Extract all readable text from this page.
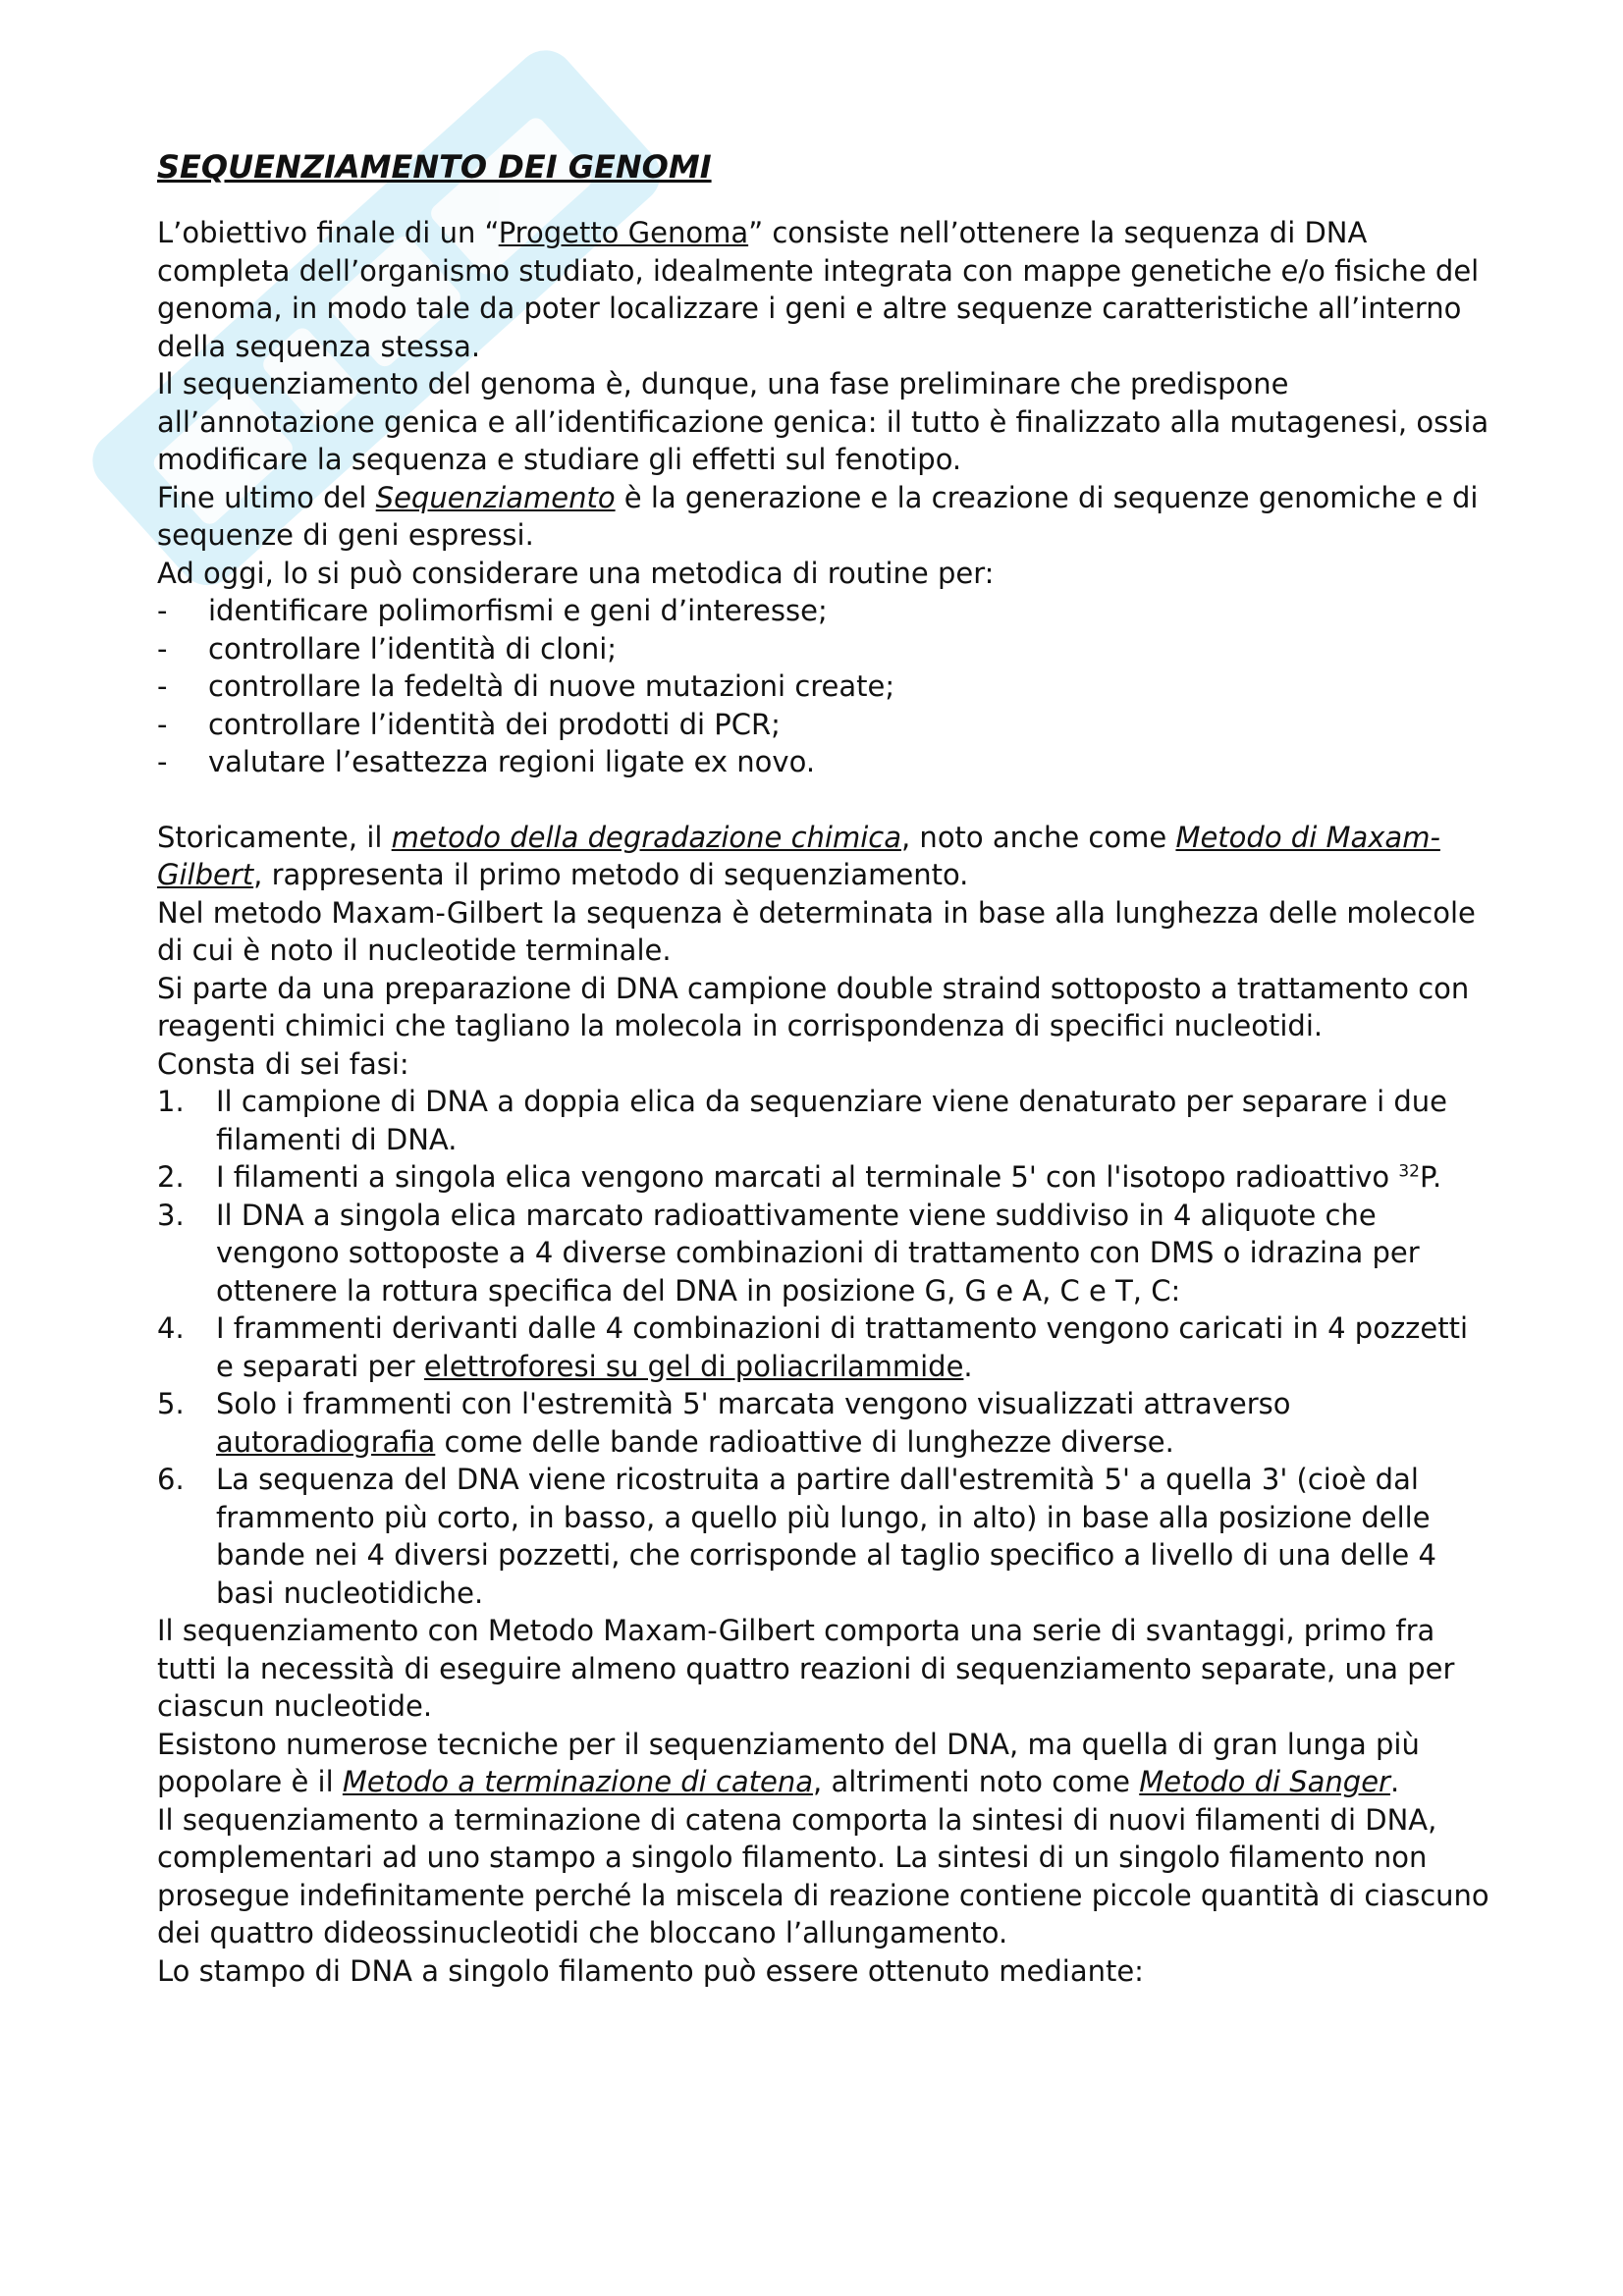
SEQUENZIAMENTO DEI GENOMI

L’obiettivo finale di un “Progetto Genoma” consiste nell’ottenere la sequenza di DNA completa dell’organismo studiato, idealmente integrata con mappe genetiche e/o fisiche del genoma, in modo tale da poter localizzare i geni e altre sequenze caratteristiche all’interno della sequenza stessa.

Il sequenziamento del genoma è, dunque, una fase preliminare che predispone all’annotazione genica e all’identificazione genica: il tutto è finalizzato alla mutagenesi, ossia modificare la sequenza e studiare gli effetti sul fenotipo.

Fine ultimo del Sequenziamento è la generazione e la creazione di sequenze genomiche e di sequenze di geni espressi.

Ad oggi, lo si può considerare una metodica di routine per:

- identificare polimorfismi e geni d’interesse;
- controllare l’identità di cloni;
- controllare la fedeltà di nuove mutazioni create;
- controllare l’identità dei prodotti di PCR;
- valutare l’esattezza regioni ligate ex novo.

Storicamente, il metodo della degradazione chimica, noto anche come Metodo di Maxam-Gilbert, rappresenta il primo metodo di sequenziamento.

Nel metodo Maxam-Gilbert la sequenza è determinata in base alla lunghezza delle molecole di cui è noto il nucleotide terminale.

Si parte da una preparazione di DNA campione double straind sottoposto a trattamento con reagenti chimici che tagliano la molecola in corrispondenza di specifici nucleotidi.

Consta di sei fasi:

1. Il campione di DNA a doppia elica da sequenziare viene denaturato per separare i due filamenti di DNA.
2. I filamenti a singola elica vengono marcati al terminale 5' con l'isotopo radioattivo $^{32}$P.
3. Il DNA a singola elica marcato radioattivamente viene suddiviso in 4 aliquote che vengono sottoposte a 4 diverse combinazioni di trattamento con DMS o idrazina per ottenere la rottura specifica del DNA in posizione G, G e A, C e T, C:
4. I frammenti derivanti dalle 4 combinazioni di trattamento vengono caricati in 4 pozzetti e separati per elettroforesi su gel di poliacrilammide.
5. Solo i frammenti con l'estremità 5' marcata vengono visualizzati attraverso autoradiografia come delle bande radioattive di lunghezze diverse.
6. La sequenza del DNA viene ricostruita a partire dall'estremità 5' a quella 3' (cioè dal frammento più corto, in basso, a quello più lungo, in alto) in base alla posizione delle bande nei 4 diversi pozzetti, che corrisponde al taglio specifico a livello di una delle 4 basi nucleotidiche.

Il sequenziamento con Metodo Maxam-Gilbert comporta una serie di svantaggi, primo fra tutti la necessità di eseguire almeno quattro reazioni di sequenziamento separate, una per ciascun nucleotide.

Esistono numerose tecniche per il sequenziamento del DNA, ma quella di gran lunga più popolare è il Metodo a terminazione di catena, altrimenti noto come Metodo di Sanger.

Il sequenziamento a terminazione di catena comporta la sintesi di nuovi filamenti di DNA, complementari ad uno stampo a singolo filamento. La sintesi di un singolo filamento non prosegue indefinitamente perché la miscela di reazione contiene piccole quantità di ciascuno dei quattro dideossinucleotidi che bloccano l’allungamento.

Lo stampo di DNA a singolo filamento può essere ottenuto mediante:
